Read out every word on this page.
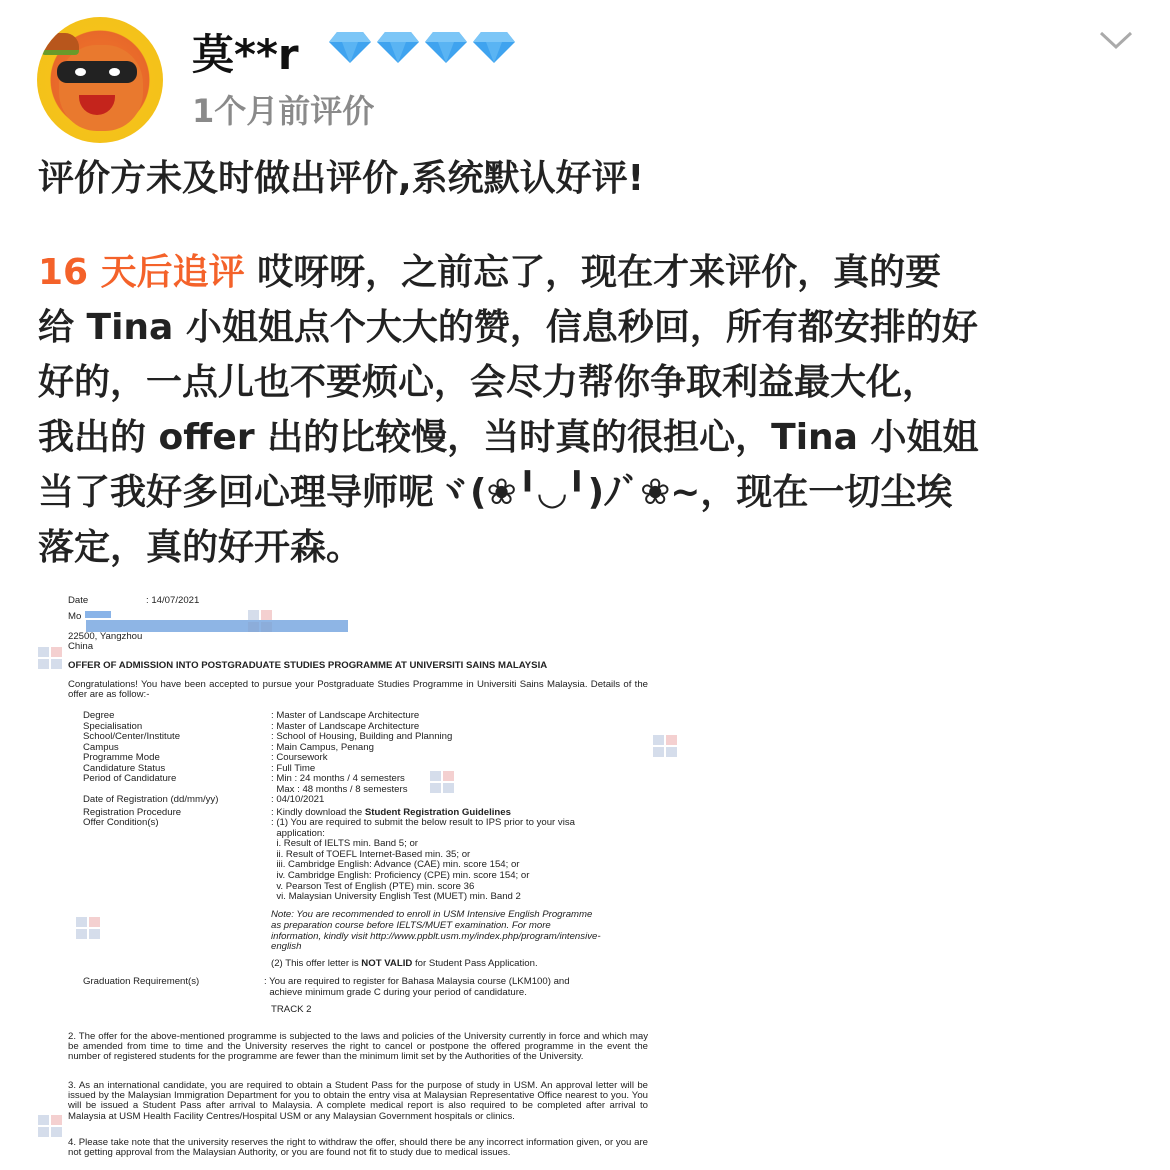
莫**r
1个月前评价
评价方未及时做出评价,系统默认好评!
16 天后追评 哎呀呀，之前忘了，现在才来评价，真的要
给 Tina 小姐姐点个大大的赞，信息秒回，所有都安排的好
好的，一点儿也不要烦心，会尽力帮你争取利益最大化，
我出的 offer 出的比较慢，当时真的很担心，Tina 小姐姐
当了我好多回心理导师呢ヾ(❀╹◡╹)ﾉﾞ❀~，现在一切尘埃
落定，真的好开森。
Date	: 14/07/2021
Mo
22500, Yangzhou
China
OFFER OF ADMISSION INTO POSTGRADUATE STUDIES PROGRAMME AT UNIVERSITI SAINS MALAYSIA
Congratulations! You have been accepted to pursue your Postgraduate Studies Programme in Universiti Sains Malaysia. Details of the offer are as follow:-
Degree	: Master of Landscape Architecture
Specialisation	: Master of Landscape Architecture
School/Center/Institute	: School of Housing, Building and Planning
Campus	: Main Campus, Penang
Programme Mode	: Coursework
Candidature Status	: Full Time
Period of Candidature	: Min : 24 months / 4 semesters
Max : 48 months / 8 semesters
Date of Registration (dd/mm/yy)	: 04/10/2021
Registration Procedure	: Kindly download the Student Registration Guidelines
Offer Condition(s)	: (1) You are required to submit the below result to IPS prior to your visa
application:
i. Result of IELTS min. Band 5; or
ii. Result of TOEFL Internet-Based min. 35; or
iii. Cambridge English: Advance (CAE) min. score 154; or
iv. Cambridge English: Proficiency (CPE) min. score 154; or
v. Pearson Test of English (PTE) min. score 36
vi. Malaysian University English Test (MUET) min. Band 2
Note: You are recommended to enroll in USM Intensive English Programme
as preparation course before IELTS/MUET examination. For more
information, kindly visit http://www.ppblt.usm.my/index.php/program/intensive-
english
(2) This offer letter is NOT VALID for Student Pass Application.
Graduation Requirement(s)	: You are required to register for Bahasa Malaysia course (LKM100) and
achieve minimum grade C during your period of candidature.
TRACK 2
2. The offer for the above-mentioned programme is subjected to the laws and policies of the University currently in force and which may be amended from time to time and the University reserves the right to cancel or postpone the offered programme in the event the number of registered students for the programme are fewer than the minimum limit set by the Authorities of the University.
3. As an international candidate, you are required to obtain a Student Pass for the purpose of study in USM. An approval letter will be issued by the Malaysian Immigration Department for you to obtain the entry visa at Malaysian Representative Office nearest to you. You will be issued a Student Pass after arrival to Malaysia. A complete medical report is also required to be completed after arrival to Malaysia at USM Health Facility Centres/Hospital USM or any Malaysian Government hospitals or clinics.
4. Please take note that the university reserves the right to withdraw the offer, should there be any incorrect information given, or you are not getting approval from the Malaysian Authority, or you are found not fit to study due to medical issues.
